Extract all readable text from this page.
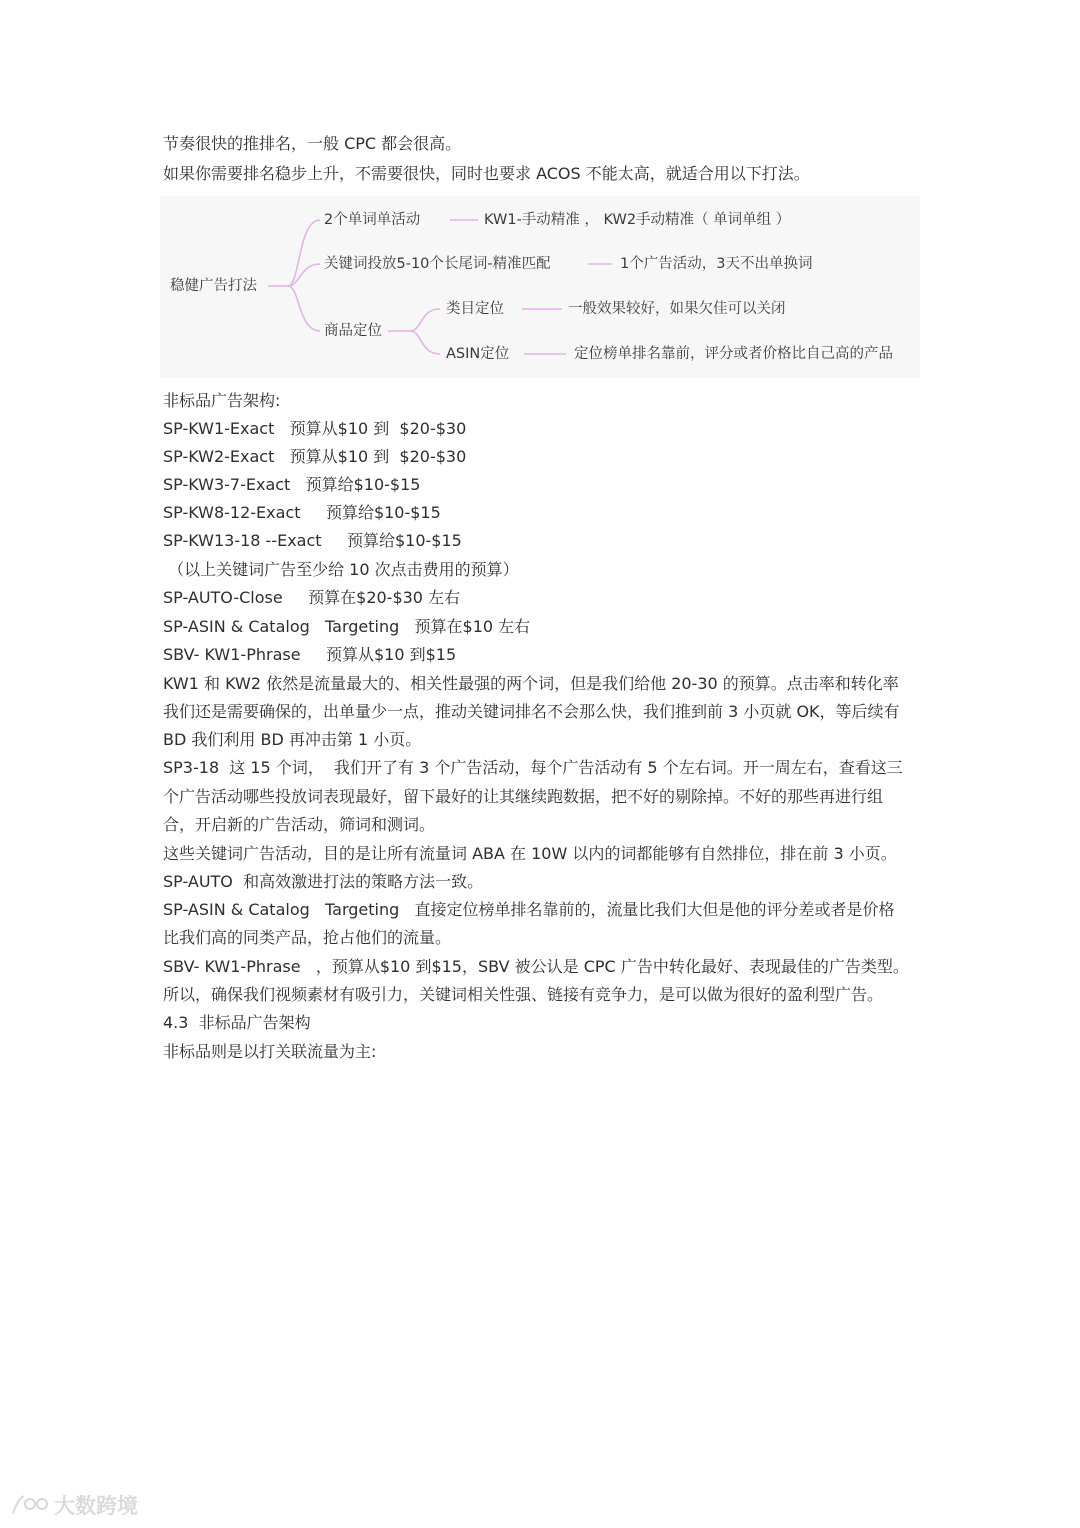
节奏很快的推排名，一般 CPC 都会很高。
如果你需要排名稳步上升，不需要很快，同时也要求 ACOS 不能太高，就适合用以下打法。
稳健广告打法
2个单词单活动	KW1-手动精准 ， KW2手动精准（ 单词单组 ）
关键词投放5-10个长尾词-精准匹配	1个广告活动，3天不出单换词
商品定位
类目定位	一般效果较好，如果欠佳可以关闭
ASIN定位	定位榜单排名靠前，评分或者价格比自己高的产品
非标品广告架构:
SP-KW1-Exact   预算从$10 到  $20-$30
SP-KW2-Exact   预算从$10 到  $20-$30
SP-KW3-7-Exact   预算给$10-$15
SP-KW8-12-Exact     预算给$10-$15
SP-KW13-18 --Exact     预算给$10-$15
（以上关键词广告至少给 10 次点击费用的预算）
SP-AUTO-Close     预算在$20-$30 左右
SP-ASIN & Catalog   Targeting   预算在$10 左右
SBV- KW1-Phrase     预算从$10 到$15
KW1 和 KW2 依然是流量最大的、相关性最强的两个词，但是我们给他 20-30 的预算。点击率和转化率
我们还是需要确保的，出单量少一点，推动关键词排名不会那么快，我们推到前 3 小页就 OK，等后续有
BD 我们利用 BD 再冲击第 1 小页。
SP3-18  这 15 个词，  我们开了有 3 个广告活动，每个广告活动有 5 个左右词。开一周左右，查看这三
个广告活动哪些投放词表现最好，留下最好的让其继续跑数据，把不好的剔除掉。不好的那些再进行组
合，开启新的广告活动，筛词和测词。
这些关键词广告活动，目的是让所有流量词 ABA 在 10W 以内的词都能够有自然排位，排在前 3 小页。
SP-AUTO  和高效激进打法的策略方法一致。
SP-ASIN & Catalog   Targeting   直接定位榜单排名靠前的，流量比我们大但是他的评分差或者是价格
比我们高的同类产品，抢占他们的流量。
SBV- KW1-Phrase   ，预算从$10 到$15，SBV 被公认是 CPC 广告中转化最好、表现最佳的广告类型。
所以，确保我们视频素材有吸引力，关键词相关性强、链接有竞争力，是可以做为很好的盈利型广告。
4.3  非标品广告架构
非标品则是以打关联流量为主:
大数跨境
